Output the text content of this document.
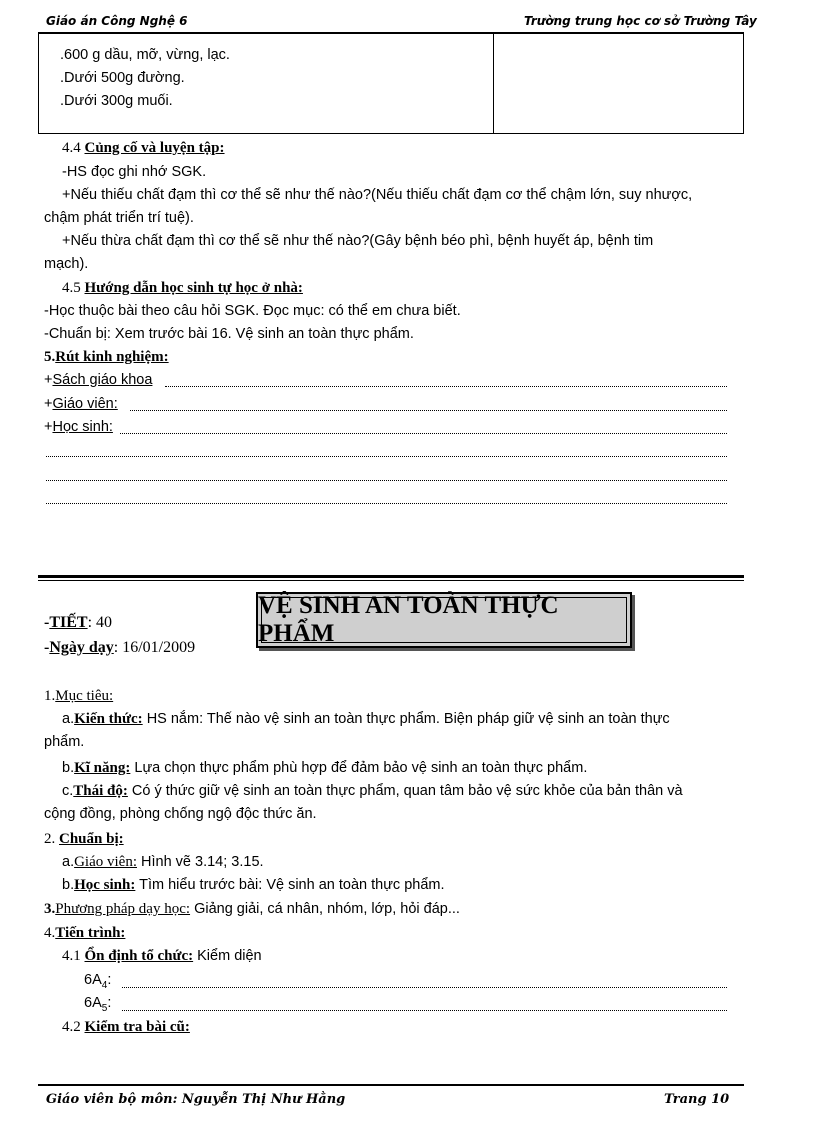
Giáo án Công Nghệ 6	Trường trung học cơ sở Trường Tây
.600 g dầu, mỡ, vừng, lạc.
.Dưới 500g đường.
.Dưới 300g muối.
4.4 Củng cố và luyện tập:
-HS đọc ghi nhớ SGK.
+Nếu thiếu chất đạm thì cơ thể sẽ như thế nào?(Nếu thiếu chất đạm cơ thể chậm lớn, suy nhược,
chậm phát triển trí tuệ).
+Nếu thừa chất đạm thì cơ thể sẽ như thế nào?(Gây bệnh béo phì, bệnh huyết áp, bệnh tim
mạch).
4.5 Hướng dẫn học sinh tự học ở nhà:
-Học thuộc bài theo câu hỏi SGK. Đọc mục: có thể em chưa biết.
-Chuẩn bị: Xem trước bài 16. Vệ sinh an toàn thực phẩm.
5.Rút kinh nghiệm:
+Sách giáo khoa
+Giáo viên:
+Học sinh:
-TIẾT: 40
-Ngày dạy: 16/01/2009
VỆ SINH AN TOÀN THỰC PHẨM
1.Mục tiêu:
a.Kiến thức: HS nắm: Thế nào vệ sinh an toàn thực phẩm. Biện pháp giữ vệ sinh an toàn thực
phẩm.
b.Kĩ năng: Lựa chọn thực phẩm phù hợp để đảm bảo vệ sinh an toàn thực phẩm.
c.Thái độ: Có ý thức giữ vệ sinh an toàn thực phẩm, quan tâm bảo vệ sức khỏe của bản thân và
cộng đồng, phòng chống ngộ độc thức ăn.
2. Chuẩn bị:
a.Giáo viên: Hình vẽ 3.14; 3.15.
b.Học sinh: Tìm hiểu trước bài: Vệ sinh an toàn thực phẩm.
3.Phương pháp dạy học: Giảng giải, cá nhân, nhóm, lớp, hỏi đáp...
4.Tiến trình:
4.1 Ổn định tổ chức: Kiểm diện
$6A_4$:
$6A_5$:
4.2 Kiểm tra bài cũ:
Giáo viên bộ môn: Nguyễn Thị Như Hằng	Trang 10
